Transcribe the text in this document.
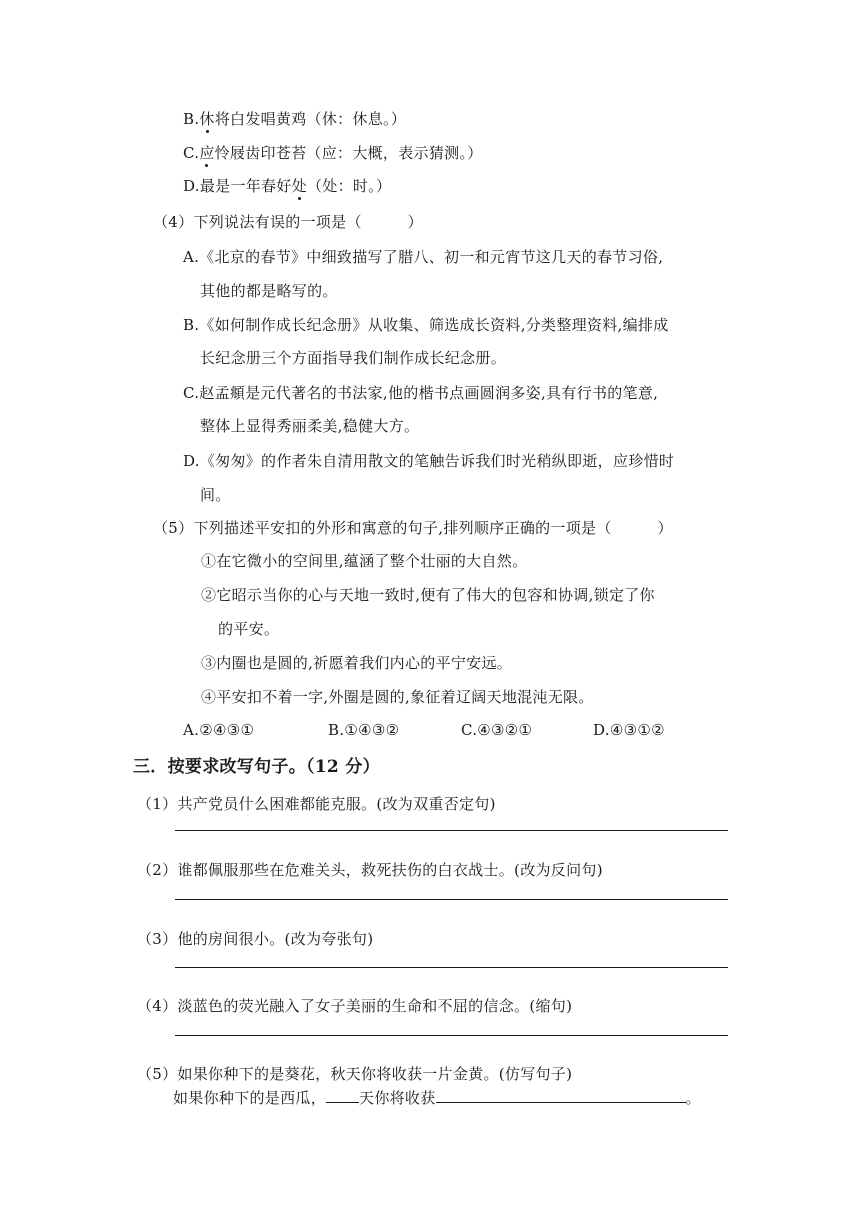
B.休将白发唱黄鸡（休：休息。）
C.应怜屐齿印苍苔（应：大概，表示猜测。）
D.最是一年春好处（处：时。）
（4）下列说法有误的一项是（　　　）
A.《北京的春节》中细致描写了腊八、初一和元宵节这几天的春节习俗,
其他的都是略写的。
B.《如何制作成长纪念册》从收集、筛选成长资料,分类整理资料,编排成
长纪念册三个方面指导我们制作成长纪念册。
C.赵孟頫是元代著名的书法家,他的楷书点画圆润多姿,具有行书的笔意,
整体上显得秀丽柔美,稳健大方。
D.《匆匆》的作者朱自清用散文的笔触告诉我们时光稍纵即逝，应珍惜时
间。
（5）下列描述平安扣的外形和寓意的句子,排列顺序正确的一项是（　　　）
①在它微小的空间里,蕴涵了整个壮丽的大自然。
②它昭示当你的心与天地一致时,便有了伟大的包容和协调,锁定了你
的平安。
③内圈也是圆的,祈愿着我们内心的平宁安远。
④平安扣不着一字,外圈是圆的,象征着辽阔天地混沌无限。
A.②④③①	B.①④③②	C.④③②①	D.④③①②
三．按要求改写句子。（12 分）
（1）共产党员什么困难都能克服。(改为双重否定句)
（2）谁都佩服那些在危难关头，救死扶伤的白衣战士。(改为反问句)
（3）他的房间很小。(改为夸张句)
（4）淡蓝色的荧光融入了女子美丽的生命和不屈的信念。(缩句)
（5）如果你种下的是葵花，秋天你将收获一片金黄。(仿写句子)
如果你种下的是西瓜， 天你将收获	。
